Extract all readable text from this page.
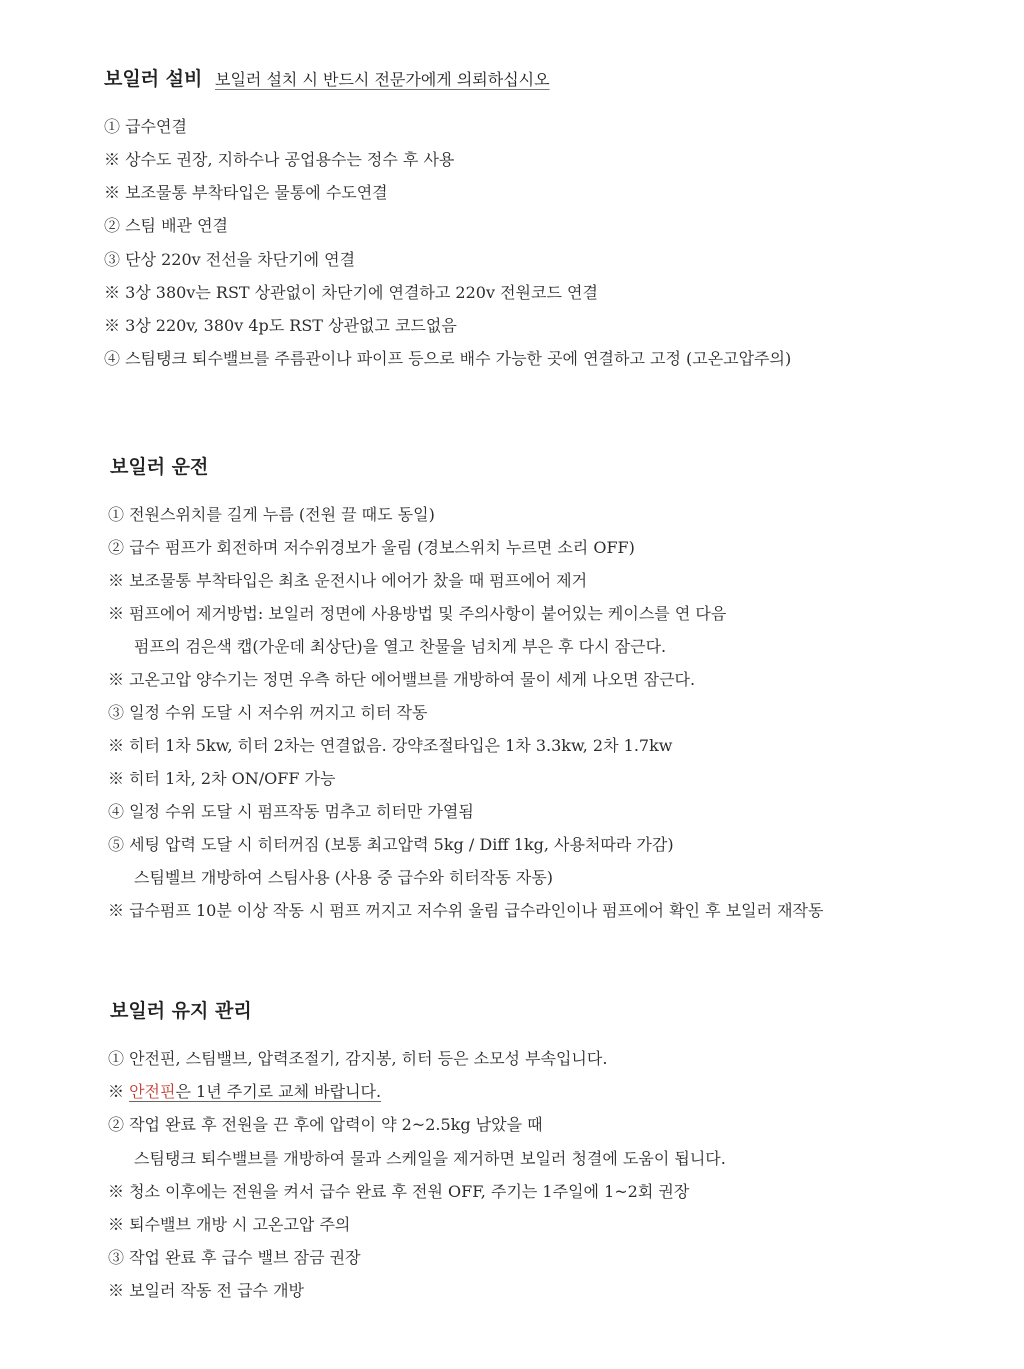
보일러 설비 보일러 설치 시 반드시 전문가에게 의뢰하십시오
① 급수연결
※ 상수도 권장, 지하수나 공업용수는 정수 후 사용
※ 보조물통 부착타입은 물통에 수도연결
② 스팀 배관 연결
③ 단상 220v 전선을 차단기에 연결
※ 3상 380v는 RST 상관없이 차단기에 연결하고 220v 전원코드 연결
※ 3상 220v, 380v 4p도 RST 상관없고 코드없음
④ 스팀탱크 퇴수밸브를 주름관이나 파이프 등으로 배수 가능한 곳에 연결하고 고정 (고온고압주의)
보일러 운전
① 전원스위치를 길게 누름 (전원 끌 때도 동일)
② 급수 펌프가 회전하며 저수위경보가 울림 (경보스위치 누르면 소리 OFF)
※ 보조물통 부착타입은 최초 운전시나 에어가 찼을 때 펌프에어 제거
※ 펌프에어 제거방법: 보일러 정면에 사용방법 및 주의사항이 붙어있는 케이스를 연 다음
펌프의 검은색 캡(가운데 최상단)을 열고 찬물을 넘치게 부은 후 다시 잠근다.
※ 고온고압 양수기는 정면 우측 하단 에어밸브를 개방하여 물이 세게 나오면 잠근다.
③ 일정 수위 도달 시 저수위 꺼지고 히터 작동
※ 히터 1차 5kw, 히터 2차는 연결없음. 강약조절타입은 1차 3.3kw, 2차 1.7kw
※ 히터 1차, 2차 ON/OFF 가능
④ 일정 수위 도달 시 펌프작동 멈추고 히터만 가열됨
⑤ 세팅 압력 도달 시 히터꺼짐 (보통 최고압력 5kg / Diff 1kg, 사용처따라 가감)
스팀벨브 개방하여 스팀사용 (사용 중 급수와 히터작동 자동)
※ 급수펌프 10분 이상 작동 시 펌프 꺼지고 저수위 울림 급수라인이나 펌프에어 확인 후 보일러 재작동
보일러 유지 관리
① 안전핀, 스팀밸브, 압력조절기, 감지봉, 히터 등은 소모성 부속입니다.
※ 안전핀은 1년 주기로 교체 바랍니다.
② 작업 완료 후 전원을 끈 후에 압력이 약 2~2.5kg 남았을 때
스팀탱크 퇴수밸브를 개방하여 물과 스케일을 제거하면 보일러 청결에 도움이 됩니다.
※ 청소 이후에는 전원을 켜서 급수 완료 후 전원 OFF, 주기는 1주일에 1~2회 권장
※ 퇴수밸브 개방 시 고온고압 주의
③ 작업 완료 후 급수 밸브 잠금 권장
※ 보일러 작동 전 급수 개방
